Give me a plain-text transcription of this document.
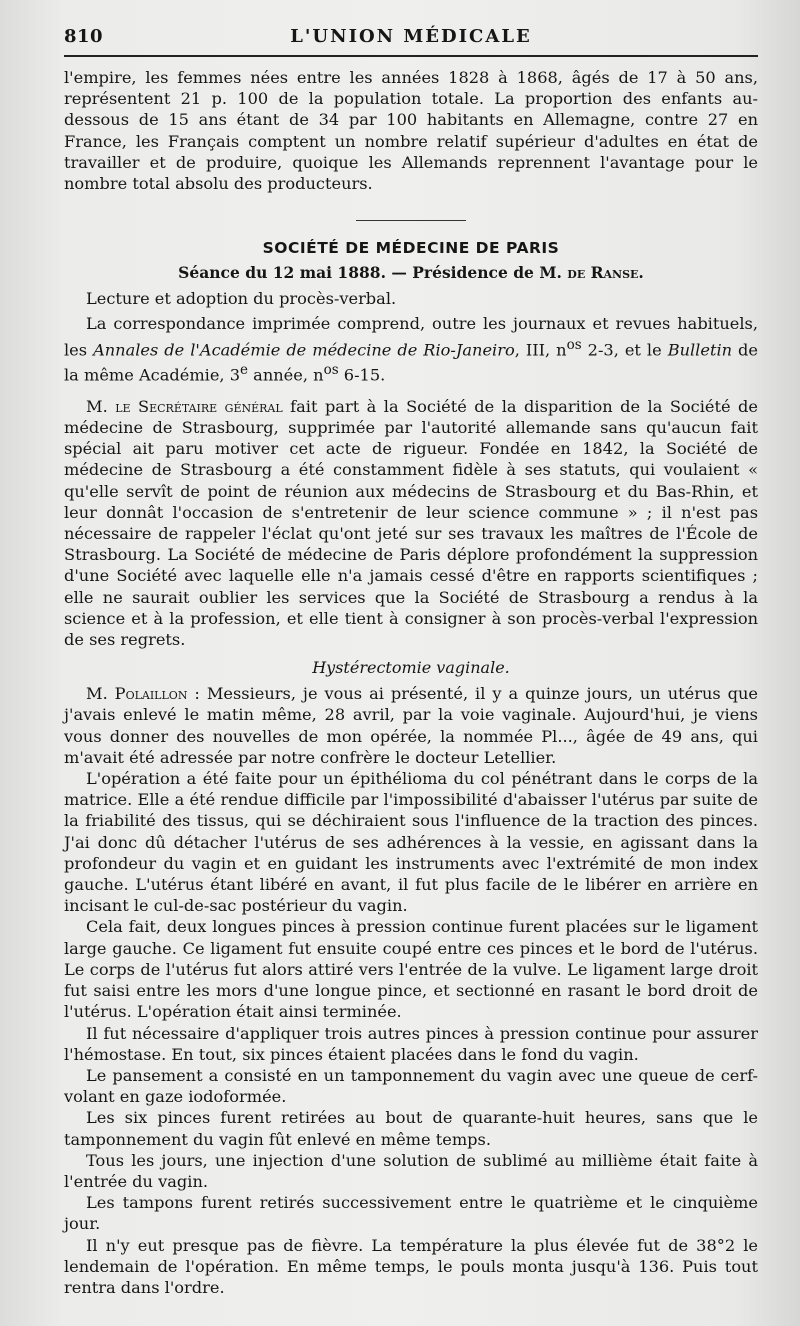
810	L'UNION MÉDICALE

l'empire, les femmes nées entre les années 1828 à 1868, âgés de 17 à 50 ans, représentent 21 p. 100 de la population totale. La proportion des enfants au-dessous de 15 ans étant de 34 par 100 habitants en Allemagne, contre 27 en France, les Français comptent un nombre relatif supérieur d'adultes en état de travailler et de produire, quoique les Allemands reprennent l'avantage pour le nombre total absolu des producteurs.

SOCIÉTÉ DE MÉDECINE DE PARIS
Séance du 12 mai 1888. — Présidence de M. de Ranse.

Lecture et adoption du procès-verbal.

La correspondance imprimée comprend, outre les journaux et revues habituels, les Annales de l'Académie de médecine de Rio-Janeiro, III, $n^{os}$ 2-3, et le Bulletin de la même Académie, 3e année, $n^{os}$ 6-15.

M. le Secrétaire général fait part à la Société de la disparition de la Société de médecine de Strasbourg, supprimée par l'autorité allemande sans qu'aucun fait spécial ait paru motiver cet acte de rigueur. Fondée en 1842, la Société de médecine de Strasbourg a été constamment fidèle à ses statuts, qui voulaient « qu'elle servît de point de réunion aux médecins de Strasbourg et du Bas-Rhin, et leur donnât l'occasion de s'entretenir de leur science commune » ; il n'est pas nécessaire de rappeler l'éclat qu'ont jeté sur ses travaux les maîtres de l'École de Strasbourg. La Société de médecine de Paris déplore profondément la suppression d'une Société avec laquelle elle n'a jamais cessé d'être en rapports scientifiques ; elle ne saurait oublier les services que la Société de Strasbourg a rendus à la science et à la profession, et elle tient à consigner à son procès-verbal l'expression de ses regrets.

Hystérectomie vaginale.

M. Polaillon : Messieurs, je vous ai présenté, il y a quinze jours, un utérus que j'avais enlevé le matin même, 28 avril, par la voie vaginale. Aujourd'hui, je viens vous donner des nouvelles de mon opérée, la nommée Pl..., âgée de 49 ans, qui m'avait été adressée par notre confrère le docteur Letellier.

L'opération a été faite pour un épithélioma du col pénétrant dans le corps de la matrice. Elle a été rendue difficile par l'impossibilité d'abaisser l'utérus par suite de la friabilité des tissus, qui se déchiraient sous l'influence de la traction des pinces. J'ai donc dû détacher l'utérus de ses adhérences à la vessie, en agissant dans la profondeur du vagin et en guidant les instruments avec l'extrémité de mon index gauche. L'utérus étant libéré en avant, il fut plus facile de le libérer en arrière en incisant le cul-de-sac postérieur du vagin.

Cela fait, deux longues pinces à pression continue furent placées sur le ligament large gauche. Ce ligament fut ensuite coupé entre ces pinces et le bord de l'utérus. Le corps de l'utérus fut alors attiré vers l'entrée de la vulve. Le ligament large droit fut saisi entre les mors d'une longue pince, et sectionné en rasant le bord droit de l'utérus. L'opération était ainsi terminée.

Il fut nécessaire d'appliquer trois autres pinces à pression continue pour assurer l'hémostase. En tout, six pinces étaient placées dans le fond du vagin.

Le pansement a consisté en un tamponnement du vagin avec une queue de cerf-volant en gaze iodoformée.

Les six pinces furent retirées au bout de quarante-huit heures, sans que le tamponnement du vagin fût enlevé en même temps.

Tous les jours, une injection d'une solution de sublimé au millième était faite à l'entrée du vagin.

Les tampons furent retirés successivement entre le quatrième et le cinquième jour.

Il n'y eut presque pas de fièvre. La température la plus élevée fut de 38°2 le lendemain de l'opération. En même temps, le pouls monta jusqu'à 136. Puis tout rentra dans l'ordre.
